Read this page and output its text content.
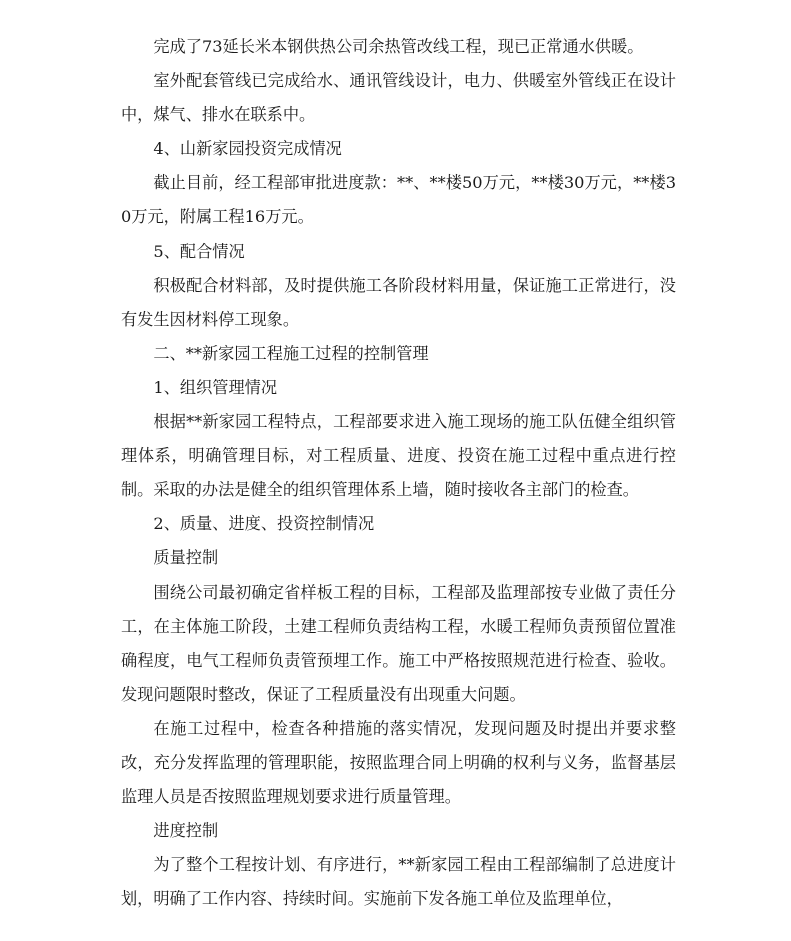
完成了73延长米本钢供热公司余热管改线工程，现已正常通水供暖。

室外配套管线已完成给水、通讯管线设计，电力、供暖室外管线正在设计中，煤气、排水在联系中。

4、山新家园投资完成情况

截止目前，经工程部审批进度款：**、**楼50万元，**楼30万元，**楼30万元，附属工程16万元。

5、配合情况

积极配合材料部，及时提供施工各阶段材料用量，保证施工正常进行，没有发生因材料停工现象。

二、**新家园工程施工过程的控制管理

1、组织管理情况

根据**新家园工程特点，工程部要求进入施工现场的施工队伍健全组织管理体系，明确管理目标，对工程质量、进度、投资在施工过程中重点进行控制。采取的办法是健全的组织管理体系上墙，随时接收各主部门的检查。

2、质量、进度、投资控制情况

质量控制

围绕公司最初确定省样板工程的目标，工程部及监理部按专业做了责任分工，在主体施工阶段，土建工程师负责结构工程，水暖工程师负责预留位置准确程度，电气工程师负责管预埋工作。施工中严格按照规范进行检查、验收。发现问题限时整改，保证了工程质量没有出现重大问题。

在施工过程中，检查各种措施的落实情况，发现问题及时提出并要求整改，充分发挥监理的管理职能，按照监理合同上明确的权利与义务，监督基层监理人员是否按照监理规划要求进行质量管理。

进度控制

为了整个工程按计划、有序进行，**新家园工程由工程部编制了总进度计划，明确了工作内容、持续时间。实施前下发各施工单位及监理单位，
